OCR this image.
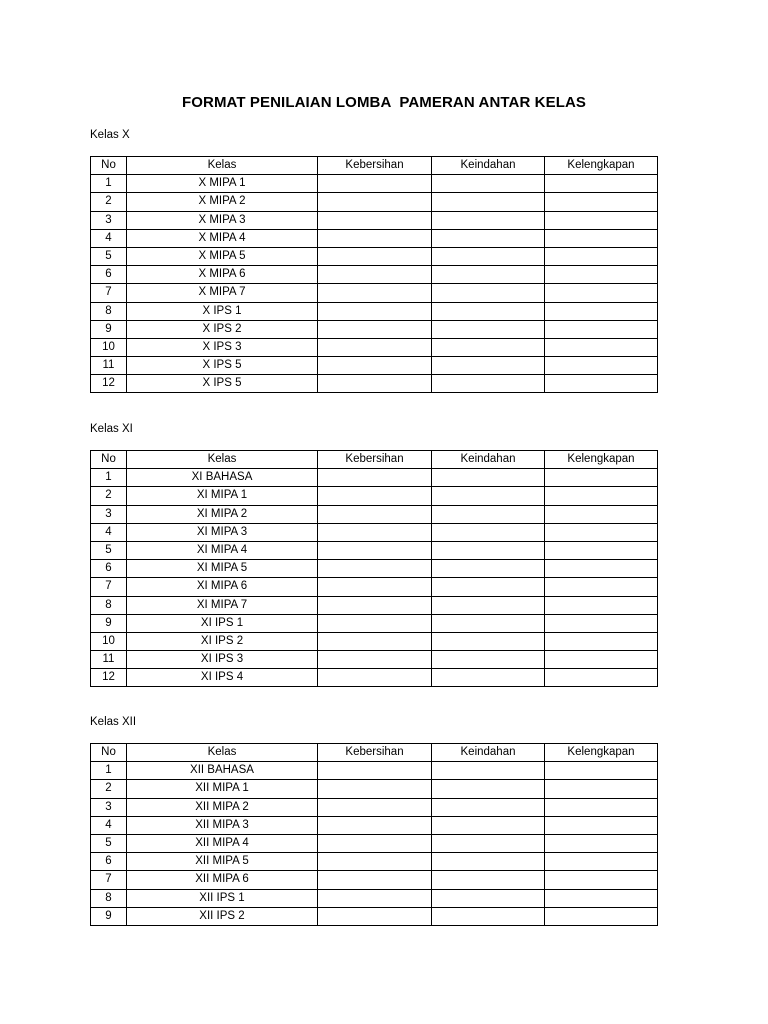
FORMAT PENILAIAN LOMBA  PAMERAN ANTAR KELAS
Kelas X
No	Kelas	Kebersihan	Keindahan	Kelengkapan
1	X MIPA 1			
2	X MIPA 2			
3	X MIPA 3			
4	X MIPA 4			
5	X MIPA 5			
6	X MIPA 6			
7	X MIPA 7			
8	X IPS 1			
9	X IPS 2			
10	X IPS 3			
11	X IPS 5			
12	X IPS 5			
Kelas XI
No	Kelas	Kebersihan	Keindahan	Kelengkapan
1	XI BAHASA			
2	XI MIPA 1			
3	XI MIPA 2			
4	XI MIPA 3			
5	XI MIPA 4			
6	XI MIPA 5			
7	XI MIPA 6			
8	XI MIPA 7			
9	XI IPS 1			
10	XI IPS 2			
11	XI IPS 3			
12	XI IPS 4			
Kelas XII
No	Kelas	Kebersihan	Keindahan	Kelengkapan
1	XII BAHASA			
2	XII MIPA 1			
3	XII MIPA 2			
4	XII MIPA 3			
5	XII MIPA 4			
6	XII MIPA 5			
7	XII MIPA 6			
8	XII IPS 1			
9	XII IPS 2			
